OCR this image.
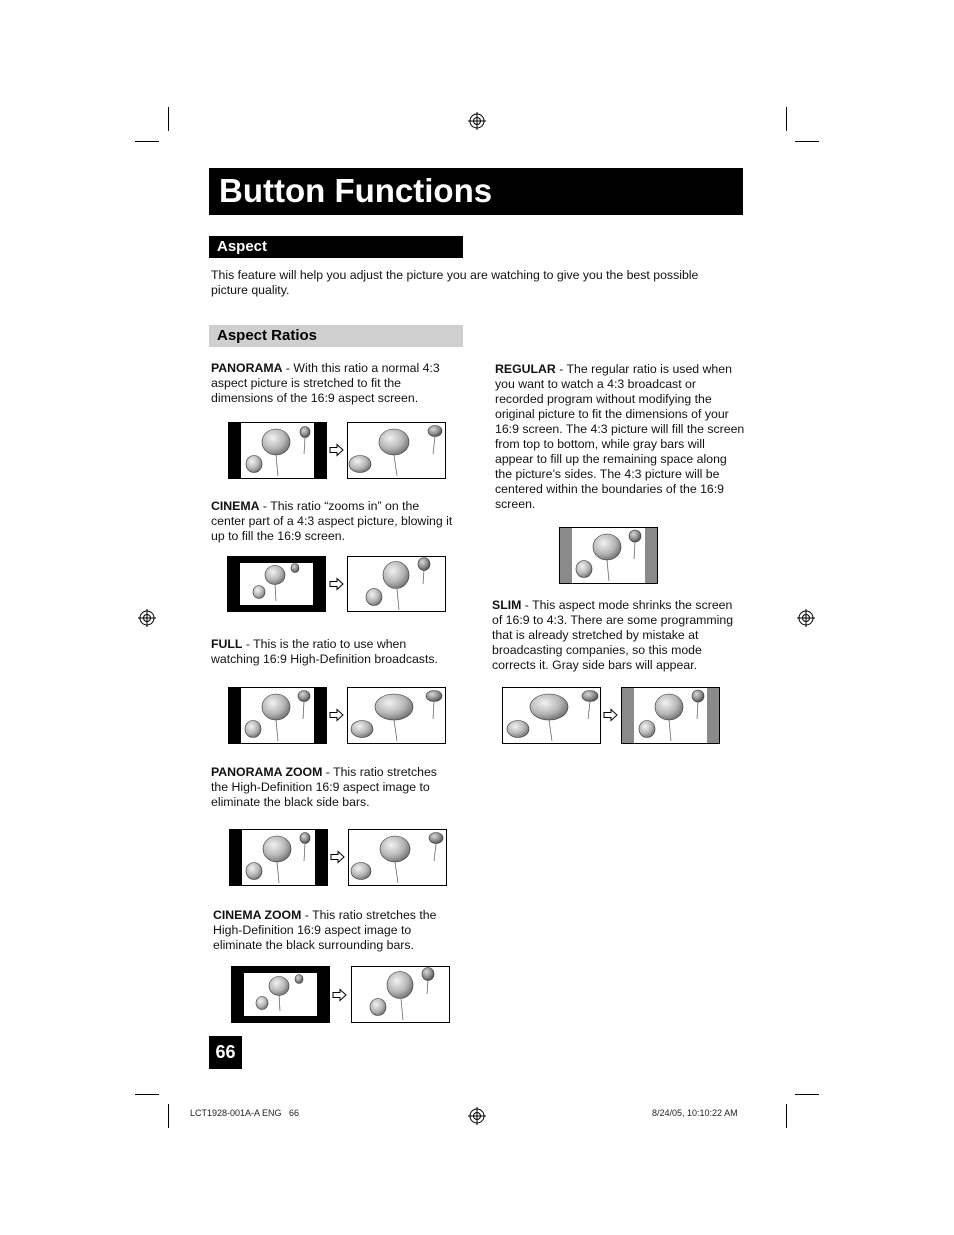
Button Functions
Aspect
This feature will help you adjust the picture you are watching to give you the best possible picture quality.
Aspect Ratios
PANORAMA - With this ratio a normal 4:3 aspect picture is stretched to fit the dimensions of the 16:9 aspect screen.
CINEMA - This ratio “zooms in” on the center part of a 4:3 aspect picture, blowing it up to fill the 16:9 screen.
FULL - This is the ratio to use when watching 16:9 High-Definition broadcasts.
PANORAMA ZOOM - This ratio stretches the High-Definition 16:9 aspect image to eliminate the black side bars.
CINEMA ZOOM - This ratio stretches the High-Definition 16:9 aspect image to eliminate the black surrounding bars.
REGULAR - The regular ratio is used when you want to watch a 4:3 broadcast or recorded program without modifying the original picture to fit the dimensions of your 16:9 screen. The 4:3 picture will fill the screen from top to bottom, while gray bars will appear to fill up the remaining space along the picture’s sides. The 4:3 picture will be centered within the boundaries of the 16:9 screen.
SLIM - This aspect mode shrinks the screen of 16:9 to 4:3. There are some programming that is already stretched by mistake at broadcasting companies, so this mode corrects it. Gray side bars will appear.
66
LCT1928-001A-A ENG   66	8/24/05, 10:10:22 AM
